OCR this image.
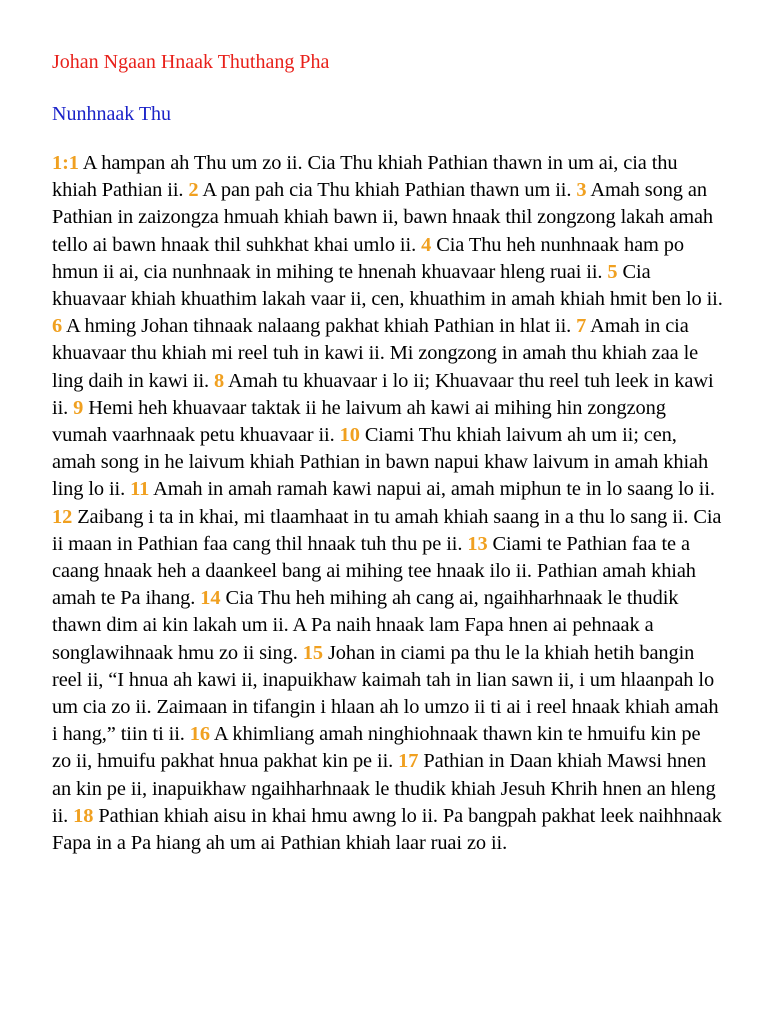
Johan Ngaan Hnaak Thuthang Pha
Nunhnaak Thu

1:1 A hampan ah Thu um zo ii. Cia Thu khiah Pathian thawn in um ai, cia thu khiah Pathian ii. 2 A pan pah cia Thu khiah Pathian thawn um ii. 3 Amah song an Pathian in zaizongza hmuah khiah bawn ii, bawn hnaak thil zongzong lakah amah tello ai bawn hnaak thil suhkhat khai umlo ii. 4 Cia Thu heh nunhnaak ham po hmun ii ai, cia nunhnaak in mihing te hnenah khuavaar hleng ruai ii. 5 Cia khuavaar khiah khuathim lakah vaar ii, cen, khuathim in amah khiah hmit ben lo ii. 6 A hming Johan tihnaak nalaang pakhat khiah Pathian in hlat ii. 7 Amah in cia khuavaar thu khiah mi reel tuh in kawi ii. Mi zongzong in amah thu khiah zaa le ling daih in kawi ii. 8 Amah tu khuavaar i lo ii; Khuavaar thu reel tuh leek in kawi ii. 9 Hemi heh khuavaar taktak ii he laivum ah kawi ai mihing hin zongzong vumah vaarhnaak petu khuavaar ii. 10 Ciami Thu khiah laivum ah um ii; cen, amah song in he laivum khiah Pathian in bawn napui khaw laivum in amah khiah ling lo ii. 11 Amah in amah ramah kawi napui ai, amah miphun te in lo saang lo ii. 12 Zaibang i ta in khai, mi tlaamhaat in tu amah khiah saang in a thu lo sang ii. Cia ii maan in Pathian faa cang thil hnaak tuh thu pe ii. 13 Ciami te Pathian faa te a caang hnaak heh a daankeel bang ai mihing tee hnaak ilo ii. Pathian amah khiah amah te Pa ihang. 14 Cia Thu heh mihing ah cang ai, ngaihharhnaak le thudik thawn dim ai kin lakah um ii. A Pa naih hnaak lam Fapa hnen ai pehnaak a songlawihnaak hmu zo ii sing. 15 Johan in ciami pa thu le la khiah hetih bangin reel ii, “I hnua ah kawi ii, inapuikhaw kaimah tah in lian sawn ii, i um hlaanpah lo um cia zo ii. Zaimaan in tifangin i hlaan ah lo umzo ii ti ai i reel hnaak khiah amah i hang,” tiin ti ii. 16 A khimliang amah ninghiohnaak thawn kin te hmuifu kin pe zo ii, hmuifu pakhat hnua pakhat kin pe ii. 17 Pathian in Daan khiah Mawsi hnen an kin pe ii, inapuikhaw ngaihharhnaak le thudik khiah Jesuh Khrih hnen an hleng ii. 18 Pathian khiah aisu in khai hmu awng lo ii. Pa bangpah pakhat leek naihhnaak Fapa in a Pa hiang ah um ai Pathian khiah laar ruai zo ii.
